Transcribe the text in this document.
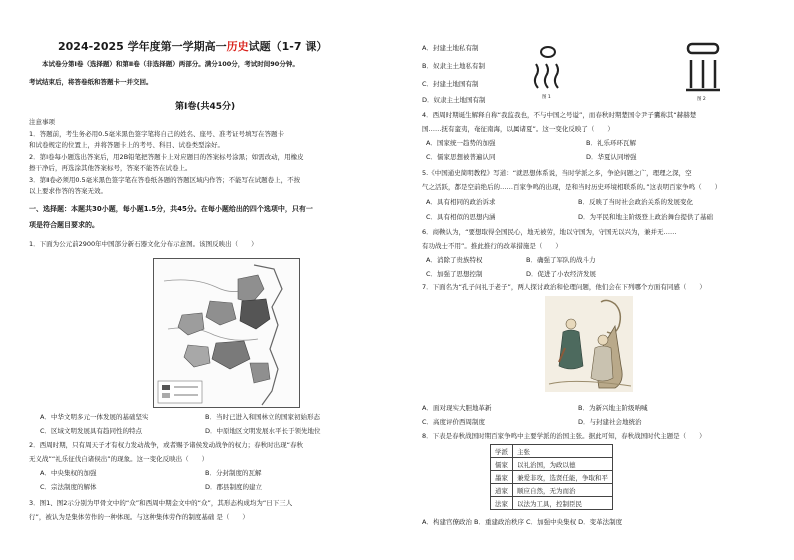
2024-2025 学年度第一学期高一历史试题（1-7 课）
本试卷分第Ⅰ卷（选择题）和第Ⅱ卷（非选择题）两部分。满分100分，考试时间90分钟。
考试结束后，将答卷纸和答题卡一并交回。
第Ⅰ卷(共45分)
注意事项
1．答题前，考生务必用0.5毫米黑色签字笔将自己的姓名、座号、准考证号填写在答题卡
和试卷规定的位置上，并将答题卡上的考号、科目、试卷类型涂好。
2．第Ⅰ卷每小题选出答案后，用2B铅笔把答题卡上对应题目的答案标号涂黑；如需改动，用橡皮
擦干净后，再选涂其他答案标号，答案不能答在试卷上。
3．第Ⅱ卷必须用0.5毫米黑色签字笔在答卷纸各题的答题区域内作答；不能写在试题卷上，不按
以上要求作答的答案无效。
一、选择题：本题共30小题，每小题1.5分，共45分。在每小题给出的四个选项中，只有一
项是符合题目要求的。
1．下面为公元前2900年中国部分新石器文化分布示意图。该图反映出（　　）
A．中华文明多元一体发展的基础坚实	B．当时已进入和国林立的国家初始形态
C．区域文明发展具有趋同性的特点	D．中原地区文明发展水平长于领先地位
2．西周时期，只有周天子才有权力发动战争，或者赐予诸侯发动战争的权力；春秋时出现“春秋
无义战”“礼乐征伐自诸侯出”的现象。这一变化反映出（　　）
A．中央集权的加强	B．分封制度的瓦解
C．宗法制度的解体	D．郡县制度的建立
3．图1、图2示分别为甲骨文中的“众”和西周中期金文中的“众”，其形态构成均为“日下三人
行”，被认为是集体劳作的一种体现。与这种集体劳作的制度基础 是（　　）
A．封建土地私有制
B．奴隶主土地私有制
C．封建土地国有制
D．奴隶主土地国有制	图 1	图 2
4．西周时期诞生解释自称“我监我也，不与中国之号谥”，而春秋时期楚国令尹子囊称其“赫赫楚
国……抚有蛮夷，奄征南海，以属诸夏”。这一变化反映了（　　）
A．国家统一趋势的加强	B．礼乐环环瓦解
C．儒家思想被普遍认同	D．华夏认同增强
5.《中国通史简明教程》写道：“就思想体系说，当时学派之多，争论问题之广，理理之深，空
气之活跃，都是空前绝后的……百家争鸣的出现，是和当时历史环境相联系的。”这表明百家争鸣（　　）
A．具有相同的政治诉求	B．反映了当时社会政治关系的发展变化
C．具有相似的思想内涵	D．为平民和地主阶级登上政治舞台提供了基础
6．商鞅认为，“要想取得全国民心，地无被劳，地以守国为，守国无以兴为，兼并无……
有功战士不用”。推此推行的改革措施是（　　）
A．消除了贵族特权	B．确强了军队的战斗力
C．加强了思想控制	D．促进了小农经济发展
7．下面名为“孔子问礼于老子”，两人探讨政治和伦理问题，他们会在下列哪个方面有同感（　　）
A．面对现实大胆地革新	B．为新兴地主阶级呐喊
C．高度评价西周制度	D．与封建社会地统治
8．下表是春秋战国时期百家争鸣中主要学派的治国主张。据此可知，春秋战国时代主题是（　　）
学派	主张
儒家	以礼治国，为政以德
墨家	兼爱非攻，选贤任能，争取和平
道家	顺应自然，无为而治
法家	以法为工具，控制臣民
A．构建官僚政治 B．重建政治秩序 C．加强中央集权 D．变革法制度
